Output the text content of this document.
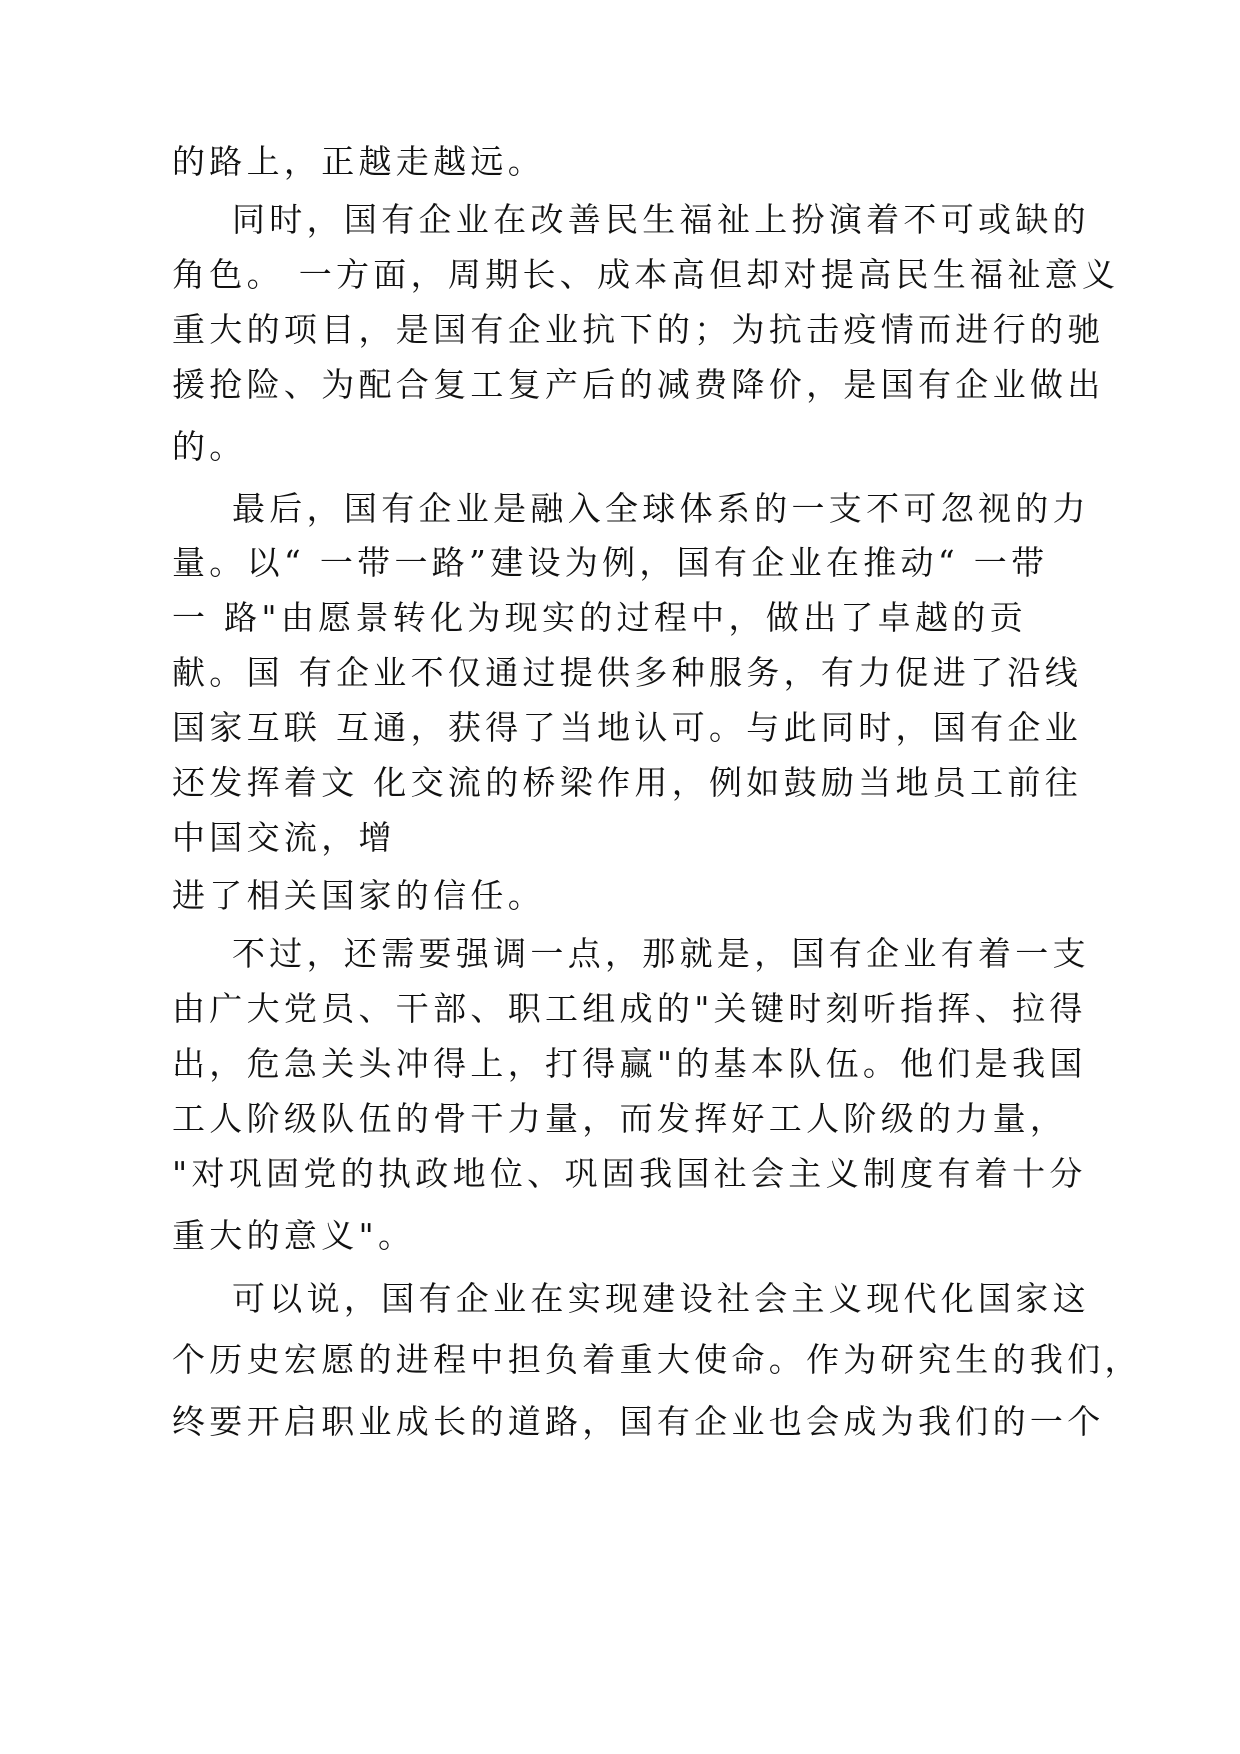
的路上，正越走越远。
同时，国有企业在改善民生福祉上扮演着不可或缺的
角色。 一方面，周期长、成本高但却对提高民生福祉意义
重大的项目，是国有企业抗下的；为抗击疫情而进行的驰
援抢险、为配合复工复产后的减费降价，是国有企业做出
的。
最后，国有企业是融入全球体系的一支不可忽视的力
量。以“ 一带一路”建设为例，国有企业在推动“ 一带
一 路"由愿景转化为现实的过程中，做出了卓越的贡
献。国 有企业不仅通过提供多种服务，有力促进了沿线
国家互联 互通，获得了当地认可。与此同时，国有企业
还发挥着文 化交流的桥梁作用，例如鼓励当地员工前往
中国交流，增
进了相关国家的信任。
不过，还需要强调一点，那就是，国有企业有着一支
由广大党员、干部、职工组成的"关键时刻听指挥、拉得
出，危急关头冲得上，打得赢"的基本队伍。他们是我国
工人阶级队伍的骨干力量，而发挥好工人阶级的力量，
"对巩固党的执政地位、巩固我国社会主义制度有着十分
重大的意义"。
可以说，国有企业在实现建设社会主义现代化国家这
个历史宏愿的进程中担负着重大使命。作为研究生的我们，
终要开启职业成长的道路，国有企业也会成为我们的一个
